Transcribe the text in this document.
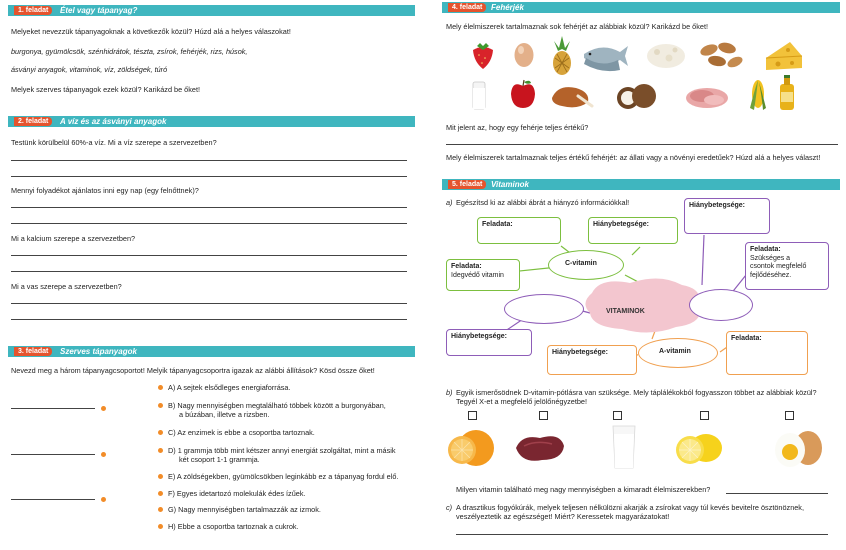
1. feladat	Étel vagy tápanyag?
Melyeket nevezzük tápanyagoknak a következők közül? Húzd alá a helyes válaszokat!
burgonya, gyümölcsök, szénhidrátok, tészta, zsírok, fehérjék, rizs, húsok,
ásványi anyagok, vitaminok, víz, zöldségek, túró
Melyek szerves tápanyagok ezek közül? Karikázd be őket!
2. feladat	A víz és az ásványi anyagok
Testünk körülbelül 60%-a víz. Mi a víz szerepe a szervezetben?
Mennyi folyadékot ajánlatos inni egy nap (egy felnőttnek)?
Mi a kalcium szerepe a szervezetben?
Mi a vas szerepe a szervezetben?
3. feladat	Szerves tápanyagok
Nevezd meg a három tápanyagcsoportot! Melyik tápanyagcsoportra igazak az alábbi állítások? Kösd össze őket!
A) A sejtek elsődleges energiaforrása.
B) Nagy mennyiségben megtalálható többek között a burgonyában,
a búzában, illetve a rizsben.
C) Az enzimek is ebbe a csoportba tartoznak.
D) 1 grammja több mint kétszer annyi energiát szolgáltat, mint a másik
két csoport 1-1 grammja.
E) A zöldségekben, gyümölcsökben leginkább ez a tápanyag fordul elő.
F) Egyes idetartozó molekulák édes ízűek.
G) Nagy mennyiségben tartalmazzák az izmok.
H) Ebbe a csoportba tartoznak a cukrok.
4. feladat	Fehérjék
Mely élelmiszerek tartalmaznak sok fehérjét az alábbiak közül? Karikázd be őket!
Mit jelent az, hogy egy fehérje teljes értékű?
Mely élelmiszerek tartalmaznak teljes értékű fehérjét: az állati vagy a növényi eredetűek? Húzd alá a helyes választ!
5. feladat	Vitaminok
a) Egészítsd ki az alábbi ábrát a hiányzó információkkal!
VITAMINOK
C-vitamin
A-vitamin
Feladata:	Hiánybetegsége:
Hiánybetegsége:
Feladata:
Idegvédő vitamin
Feladata:
Szükséges a
csontok megfelelő
fejlődéséhez.
Hiánybetegsége:
Hiánybetegsége:
Feladata:
b) Egyik ismerősödnek D-vitamin-pótlásra van szüksége. Mely táplálékokból fogyasszon többet az alábbiak közül?
Tegyél X-et a megfelelő jelölőnégyzetbe!
Milyen vitamin található meg nagy mennyiségben a kimaradt élelmiszerekben?
c) A drasztikus fogyókúrák, melyek teljesen nélkülözni akarják a zsírokat vagy túl kevés bevitelre ösztönöznek,
veszélyeztetik az egészséget! Miért? Keressetek magyarázatokat!
